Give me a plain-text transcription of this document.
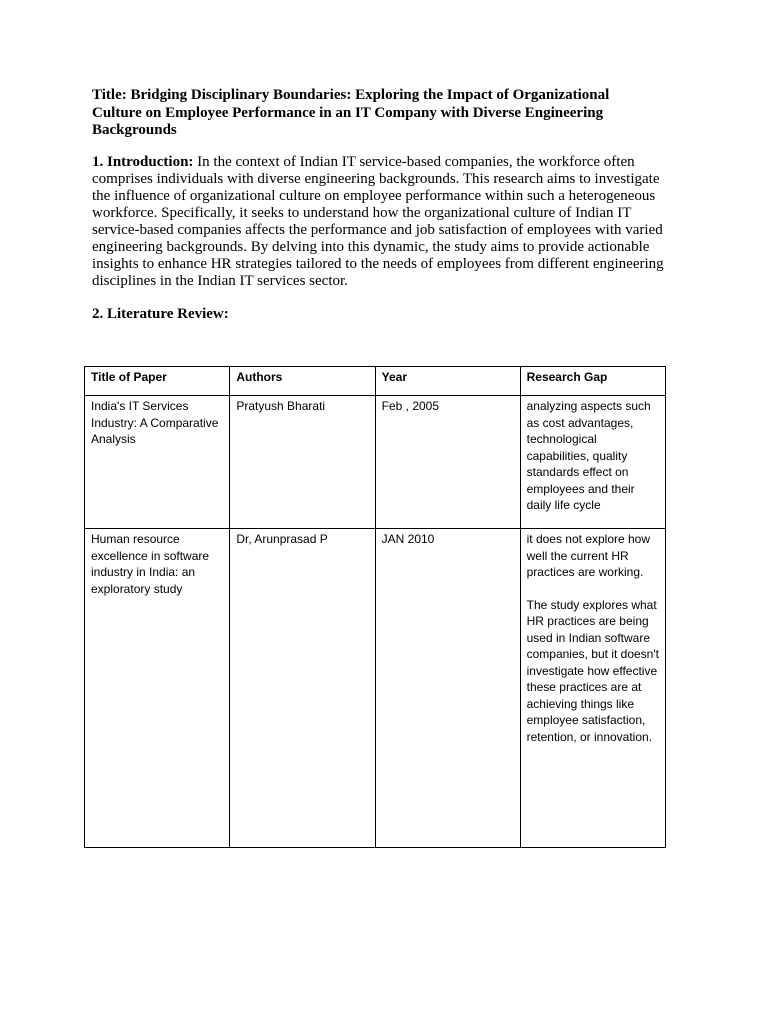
Title: Bridging Disciplinary Boundaries: Exploring the Impact of Organizational Culture on Employee Performance in an IT Company with Diverse Engineering Backgrounds
1. Introduction: In the context of Indian IT service-based companies, the workforce often comprises individuals with diverse engineering backgrounds. This research aims to investigate the influence of organizational culture on employee performance within such a heterogeneous workforce. Specifically, it seeks to understand how the organizational culture of Indian IT service-based companies affects the performance and job satisfaction of employees with varied engineering backgrounds. By delving into this dynamic, the study aims to provide actionable insights to enhance HR strategies tailored to the needs of employees from different engineering disciplines in the Indian IT services sector.
2. Literature Review:
Title of Paper	Authors	Year	Research Gap
India's IT Services Industry: A Comparative Analysis	Pratyush Bharati	Feb , 2005	analyzing aspects such as cost advantages, technological capabilities, quality standards effect on employees and their daily life cycle

Human resource excellence in software industry in India: an exploratory study	Dr, Arunprasad P	JAN 2010	it does not explore how well the current HR practices are working.
The study explores what HR practices are being used in Indian software companies, but it doesn't investigate how effective these practices are at achieving things like employee satisfaction, retention, or innovation.
